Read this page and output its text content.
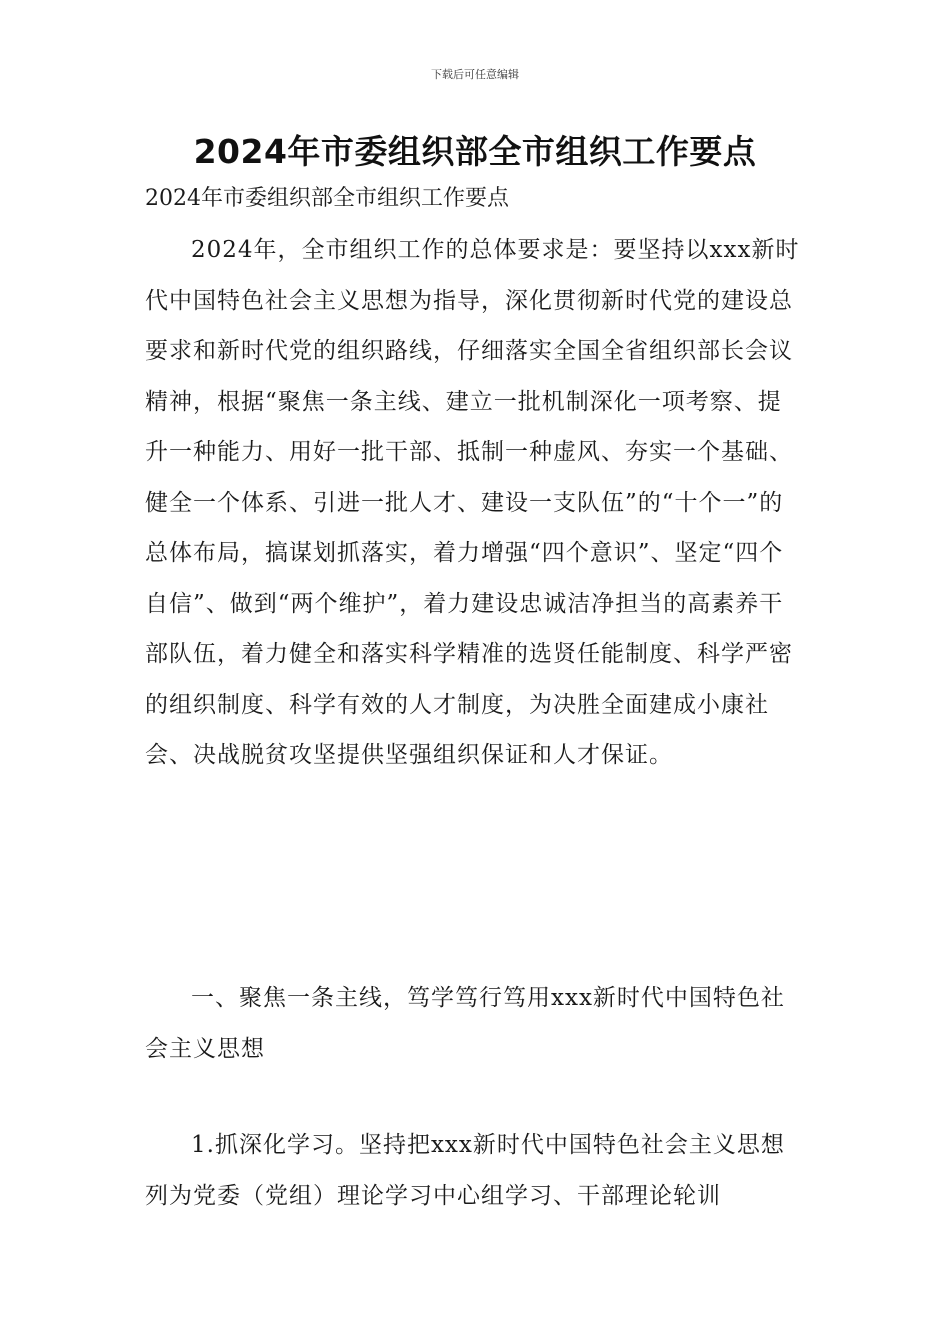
下载后可任意编辑
2024年市委组织部全市组织工作要点

2024年市委组织部全市组织工作要点

2024年，全市组织工作的总体要求是：要坚持以xxx新时代中国特色社会主义思想为指导，深化贯彻新时代党的建设总要求和新时代党的组织路线，仔细落实全国全省组织部长会议精神，根据“聚焦一条主线、建立一批机制深化一项考察、提升一种能力、用好一批干部、抵制一种虚风、夯实一个基础、健全一个体系、引进一批人才、建设一支队伍”的“十个一”的总体布局，搞谋划抓落实，着力增强“四个意识”、坚定“四个自信”、做到“两个维护”，着力建设忠诚洁净担当的高素养干部队伍，着力健全和落实科学精准的选贤任能制度、科学严密的组织制度、科学有效的人才制度，为决胜全面建成小康社会、决战脱贫攻坚提供坚强组织保证和人才保证。

一、聚焦一条主线，笃学笃行笃用xxx新时代中国特色社会主义思想

1.抓深化学习。坚持把xxx新时代中国特色社会主义思想列为党委（党组）理论学习中心组学习、干部理论轮训
